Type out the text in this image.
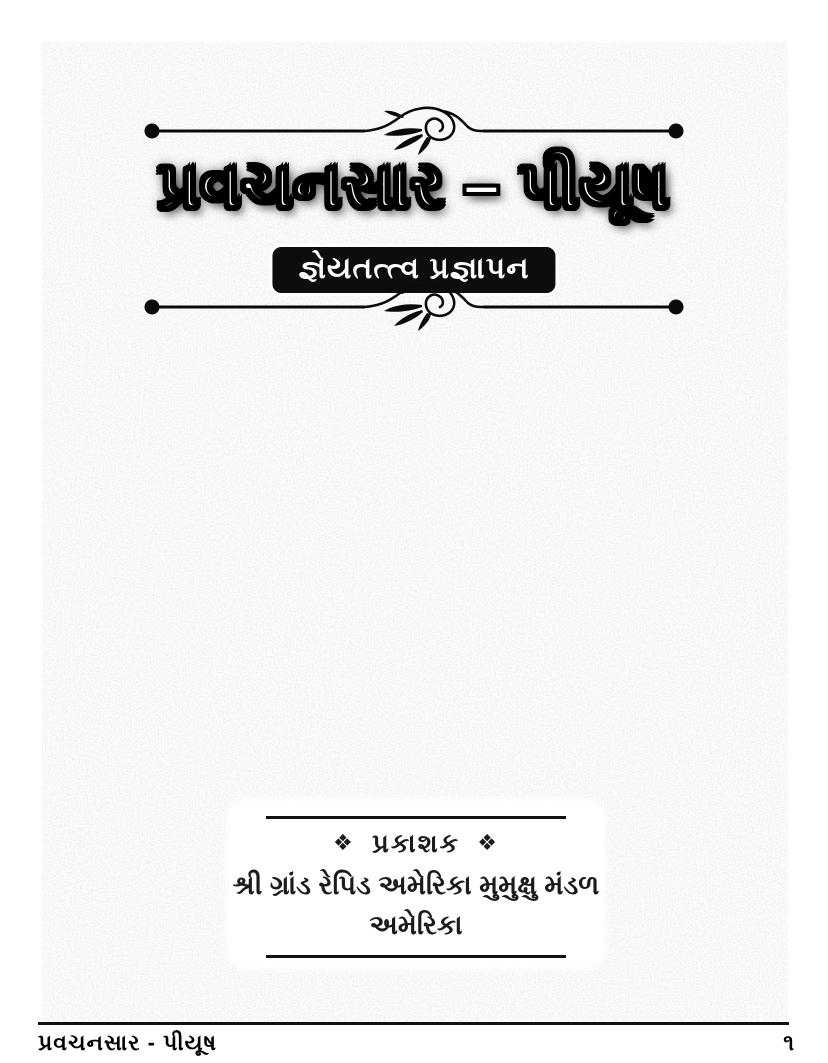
પ્રવચનસાર – પીયૂષ
જ્ઞેયતત્ત્વ પ્રજ્ઞાપન
❖ પ્રકાશક ❖
શ્રી ગ્રાંડ રેપિડ અમેરિકા મુમુક્ષુ મંડળ
અમેરિકા
પ્રવચનસાર - પીયૂષ	૧
